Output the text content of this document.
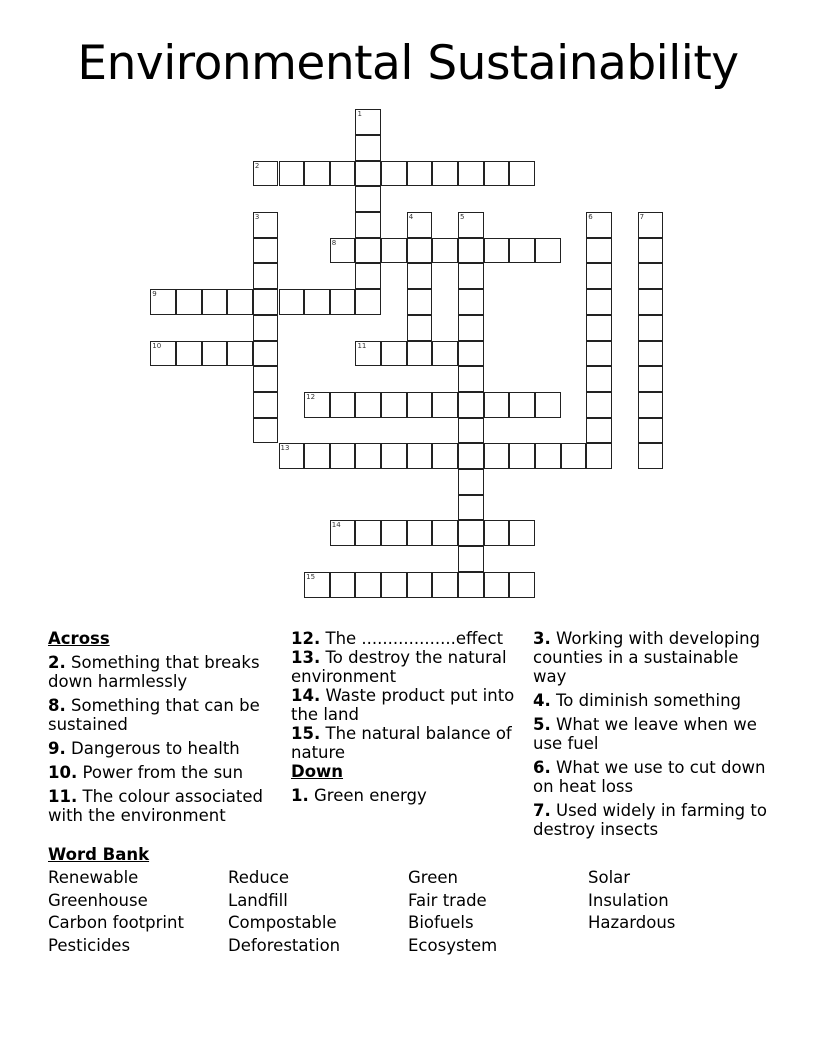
Environmental Sustainability
1
2
3	4	5	6	7
8
9
10	11
12
13
14
15
Across
2. Something that breaks down harmlessly
8. Something that can be sustained
9. Dangerous to health
10. Power from the sun
11. The colour associated with the environment
12. The ..................effect
13. To destroy the natural environment
14. Waste product put into the land
15. The natural balance of nature
Down
1. Green energy
3. Working with developing counties in a sustainable way
4. To diminish something
5. What we leave when we use fuel
6. What we use to cut down on heat loss
7. Used widely in farming to destroy insects
Word Bank
Renewable	Reduce	Green	Solar
Greenhouse	Landfill	Fair trade	Insulation
Carbon footprint	Compostable	Biofuels	Hazardous
Pesticides	Deforestation	Ecosystem
